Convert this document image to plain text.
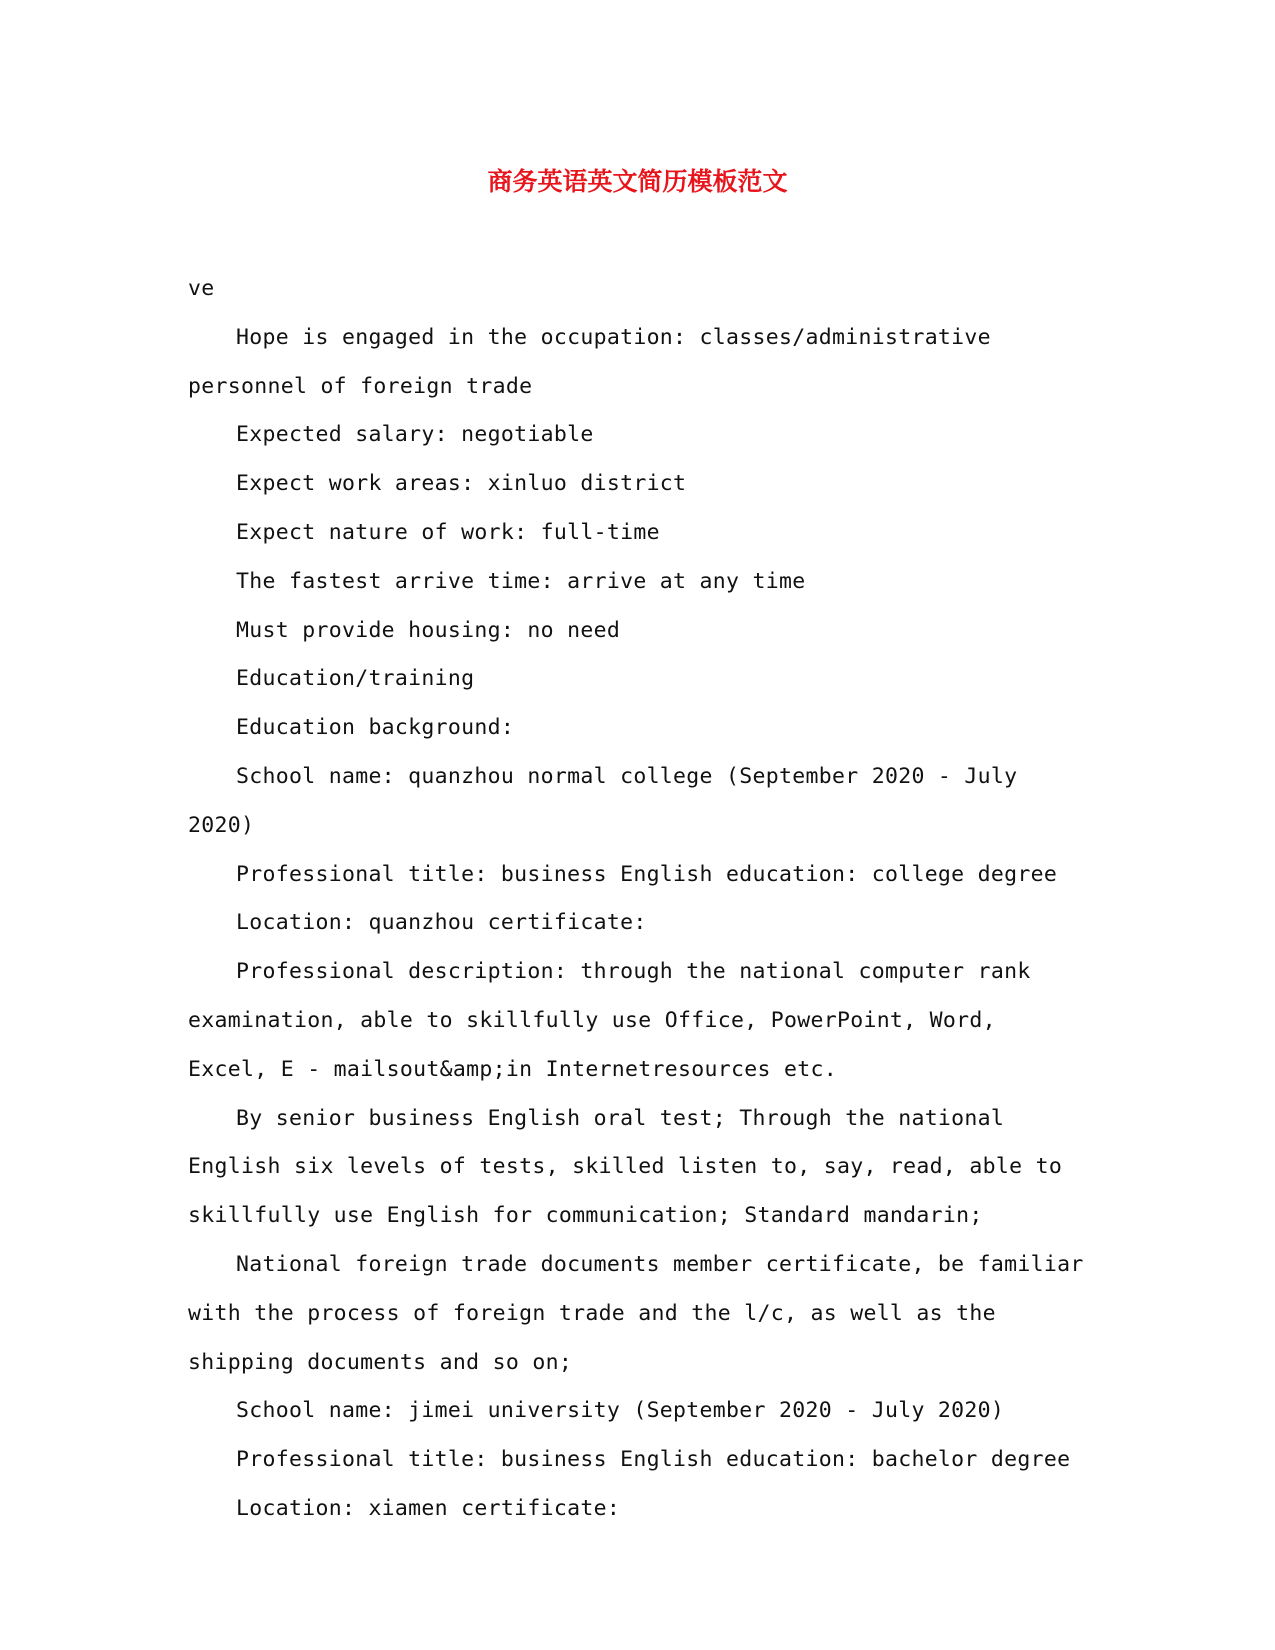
商务英语英文简历模板范文

ve

Hope is engaged in the occupation: classes/administrative personnel of foreign trade

Expected salary: negotiable

Expect work areas: xinluo district

Expect nature of work: full-time

The fastest arrive time: arrive at any time

Must provide housing: no need

Education/training

Education background:

School name: quanzhou normal college (September 2020 - July 2020)

Professional title: business English education: college degree

Location: quanzhou certificate:

Professional description: through the national computer rank examination, able to skillfully use Office, PowerPoint, Word, Excel, E - mailsout&amp;in Internetresources etc.

By senior business English oral test; Through the national English six levels of tests, skilled listen to, say, read, able to skillfully use English for communication; Standard mandarin;

National foreign trade documents member certificate, be familiar with the process of foreign trade and the l/c, as well as the shipping documents and so on;

School name: jimei university (September 2020 - July 2020)

Professional title: business English education: bachelor degree

Location: xiamen certificate:
